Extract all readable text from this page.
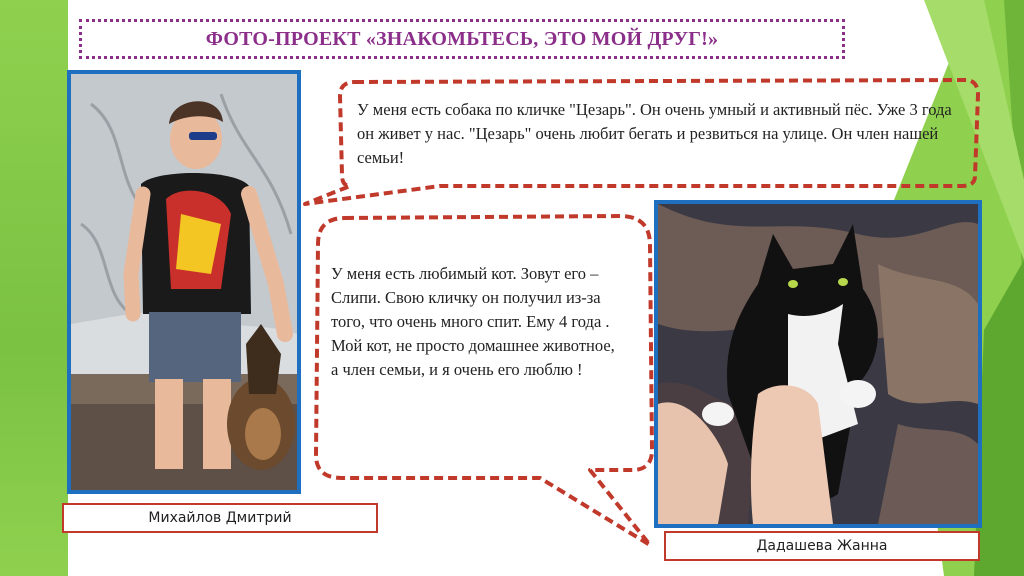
ФОТО-ПРОЕКТ «ЗНАКОМЬТЕСЬ, ЭТО МОЙ ДРУГ!»
У меня есть собака по кличке "Цезарь". Он очень умный и активный пёс. Уже 3 года он живет у нас. "Цезарь" очень любит бегать и резвиться на улице. Он член нашей семьи!
У меня есть любимый кот. Зовут его – Слипи. Свою кличку он получил из-за того, что очень много спит. Ему 4 года . Мой кот, не просто домашнее животное, а член семьи, и я очень его люблю !
Михайлов Дмитрий
Дадашева Жанна
